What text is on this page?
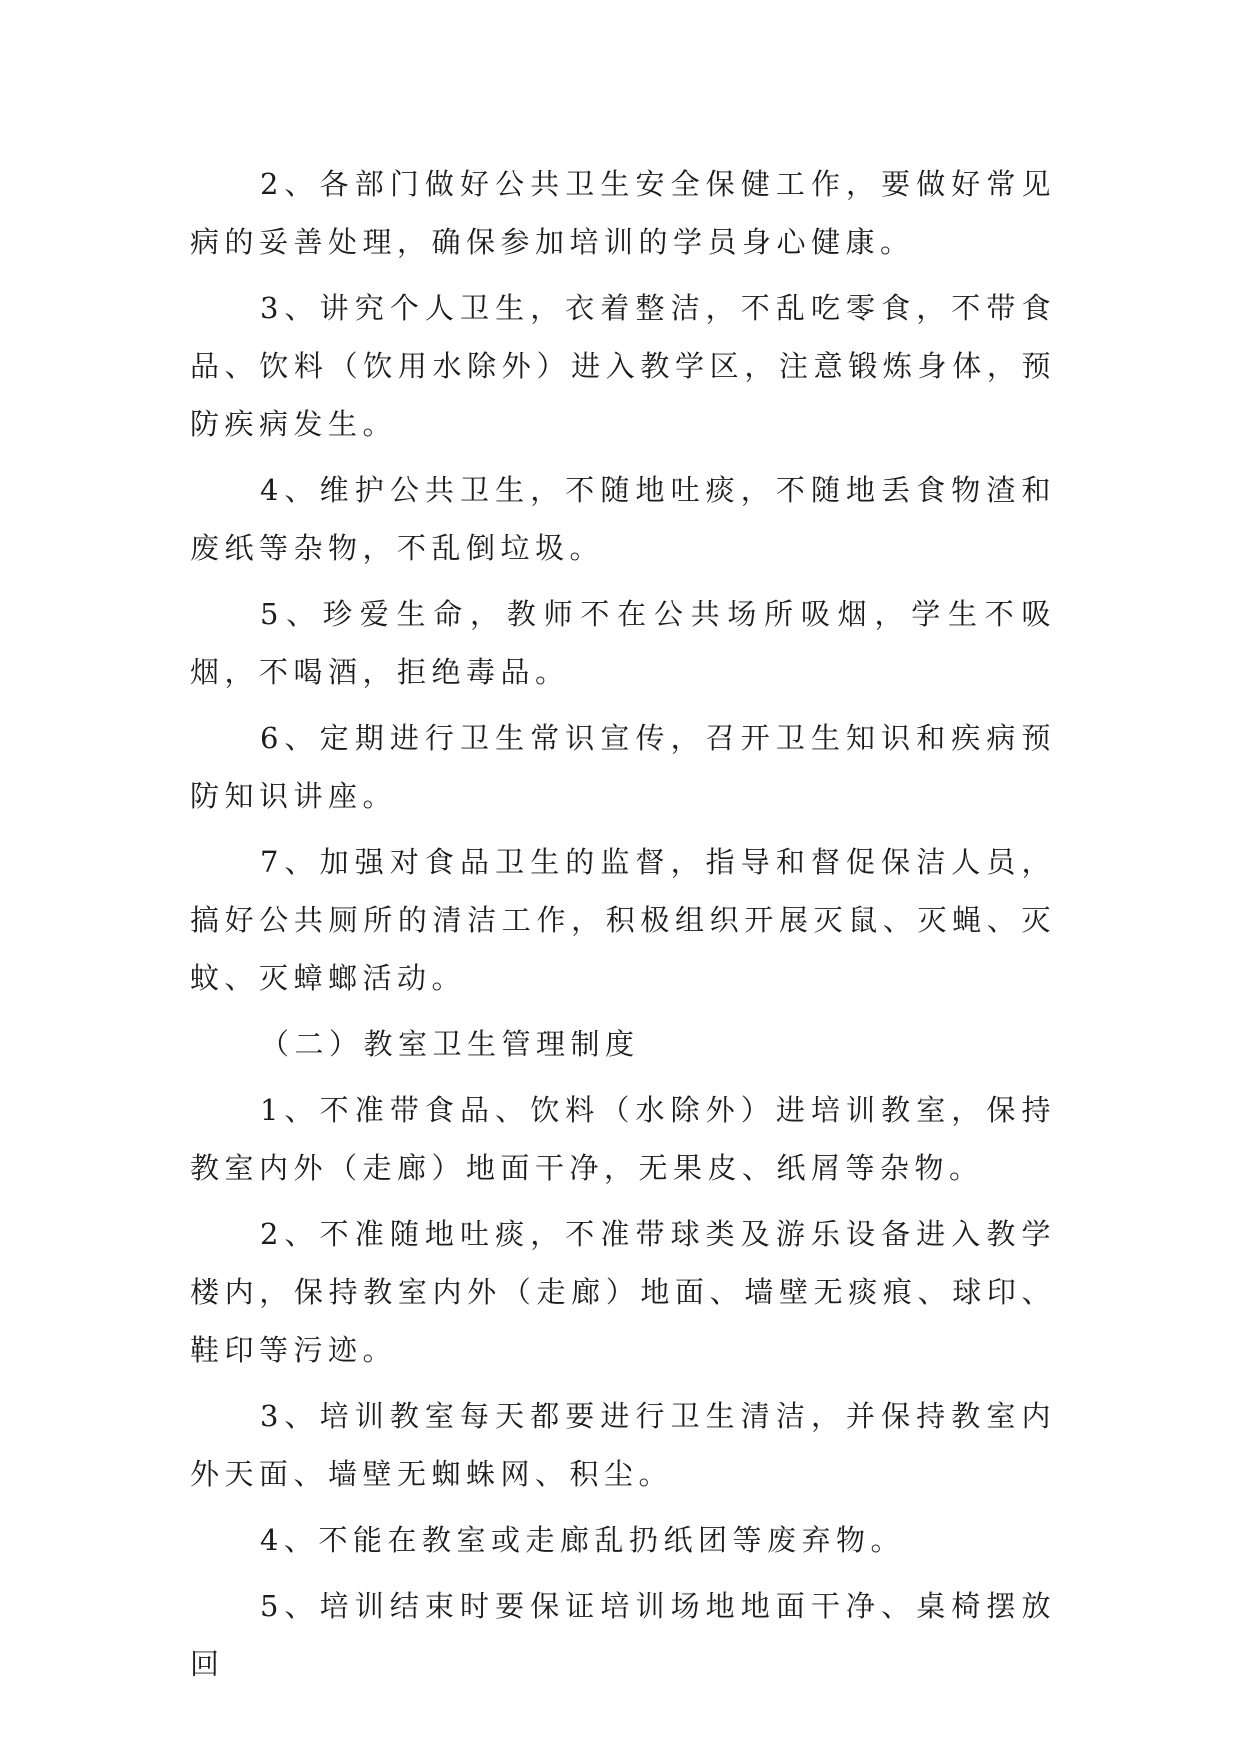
2、各部门做好公共卫生安全保健工作，要做好常见病的妥善处理，确保参加培训的学员身心健康。

3、讲究个人卫生，衣着整洁，不乱吃零食，不带食品、饮料（饮用水除外）进入教学区，注意锻炼身体，预防疾病发生。

4、维护公共卫生，不随地吐痰，不随地丢食物渣和废纸等杂物，不乱倒垃圾。

5、珍爱生命，教师不在公共场所吸烟，学生不吸烟，不喝酒，拒绝毒品。

6、定期进行卫生常识宣传，召开卫生知识和疾病预防知识讲座。

7、加强对食品卫生的监督，指导和督促保洁人员，搞好公共厕所的清洁工作，积极组织开展灭鼠、灭蝇、灭蚊、灭蟑螂活动。

（二）教室卫生管理制度

1、不准带食品、饮料（水除外）进培训教室，保持教室内外（走廊）地面干净，无果皮、纸屑等杂物。

2、不准随地吐痰，不准带球类及游乐设备进入教学楼内，保持教室内外（走廊）地面、墙壁无痰痕、球印、鞋印等污迹。

3、培训教室每天都要进行卫生清洁，并保持教室内外天面、墙壁无蜘蛛网、积尘。

4、不能在教室或走廊乱扔纸团等废弃物。

5、培训结束时要保证培训场地地面干净、桌椅摆放回
